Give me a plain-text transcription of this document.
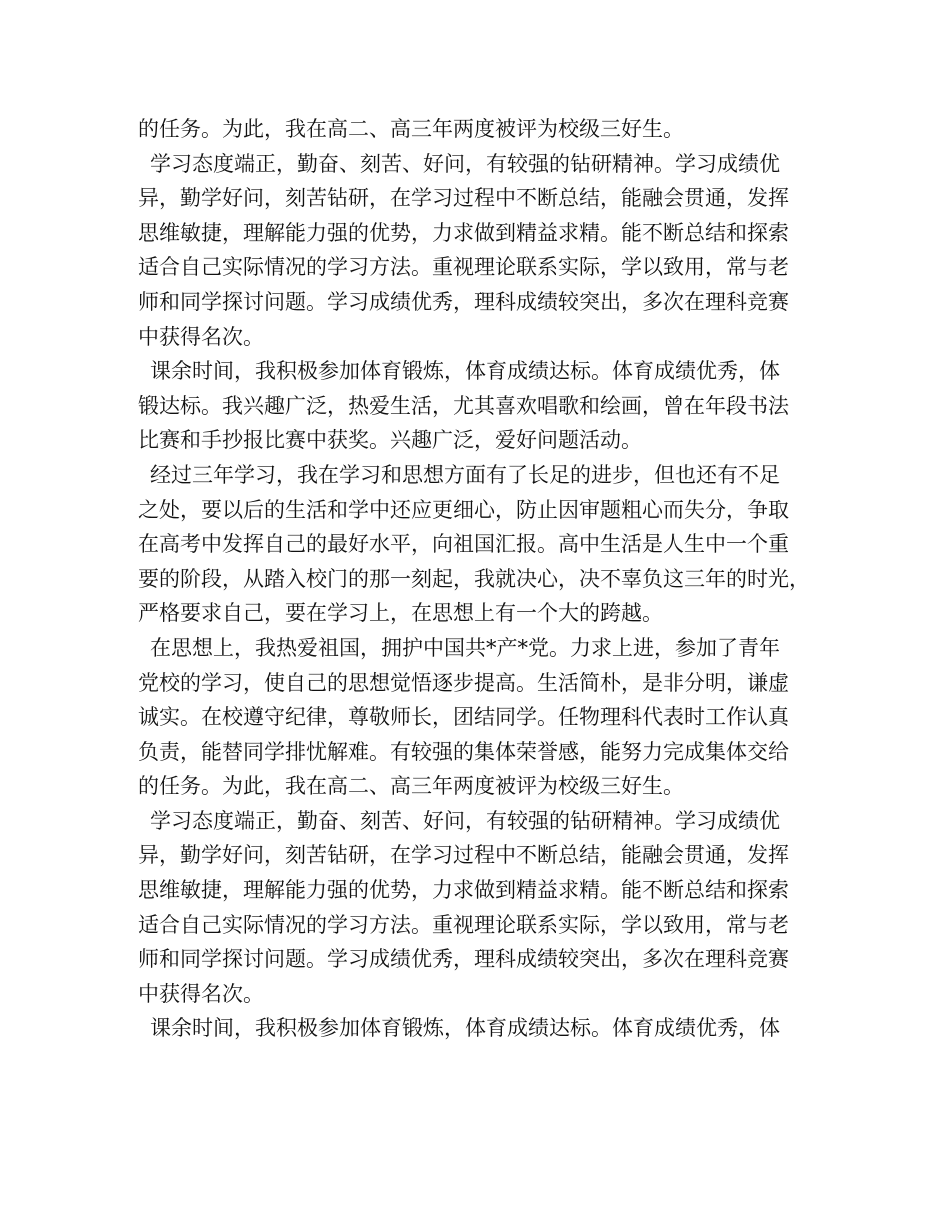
的任务。为此，我在高二、高三年两度被评为校级三好生。
学习态度端正，勤奋、刻苦、好问，有较强的钻研精神。学习成绩优
异，勤学好问，刻苦钻研，在学习过程中不断总结，能融会贯通，发挥
思维敏捷，理解能力强的优势，力求做到精益求精。能不断总结和探索
适合自己实际情况的学习方法。重视理论联系实际，学以致用，常与老
师和同学探讨问题。学习成绩优秀，理科成绩较突出，多次在理科竞赛
中获得名次。
课余时间，我积极参加体育锻炼，体育成绩达标。体育成绩优秀，体
锻达标。我兴趣广泛，热爱生活，尤其喜欢唱歌和绘画，曾在年段书法
比赛和手抄报比赛中获奖。兴趣广泛，爱好问题活动。
经过三年学习，我在学习和思想方面有了长足的进步，但也还有不足
之处，要以后的生活和学中还应更细心，防止因审题粗心而失分，争取
在高考中发挥自己的最好水平，向祖国汇报。高中生活是人生中一个重
要的阶段，从踏入校门的那一刻起，我就决心，决不辜负这三年的时光，
严格要求自己，要在学习上，在思想上有一个大的跨越。
在思想上，我热爱祖国，拥护中国共*产*党。力求上进，参加了青年
党校的学习，使自己的思想觉悟逐步提高。生活简朴，是非分明，谦虚
诚实。在校遵守纪律，尊敬师长，团结同学。任物理科代表时工作认真
负责，能替同学排忧解难。有较强的集体荣誉感，能努力完成集体交给
的任务。为此，我在高二、高三年两度被评为校级三好生。
学习态度端正，勤奋、刻苦、好问，有较强的钻研精神。学习成绩优
异，勤学好问，刻苦钻研，在学习过程中不断总结，能融会贯通，发挥
思维敏捷，理解能力强的优势，力求做到精益求精。能不断总结和探索
适合自己实际情况的学习方法。重视理论联系实际，学以致用，常与老
师和同学探讨问题。学习成绩优秀，理科成绩较突出，多次在理科竞赛
中获得名次。
课余时间，我积极参加体育锻炼，体育成绩达标。体育成绩优秀，体
